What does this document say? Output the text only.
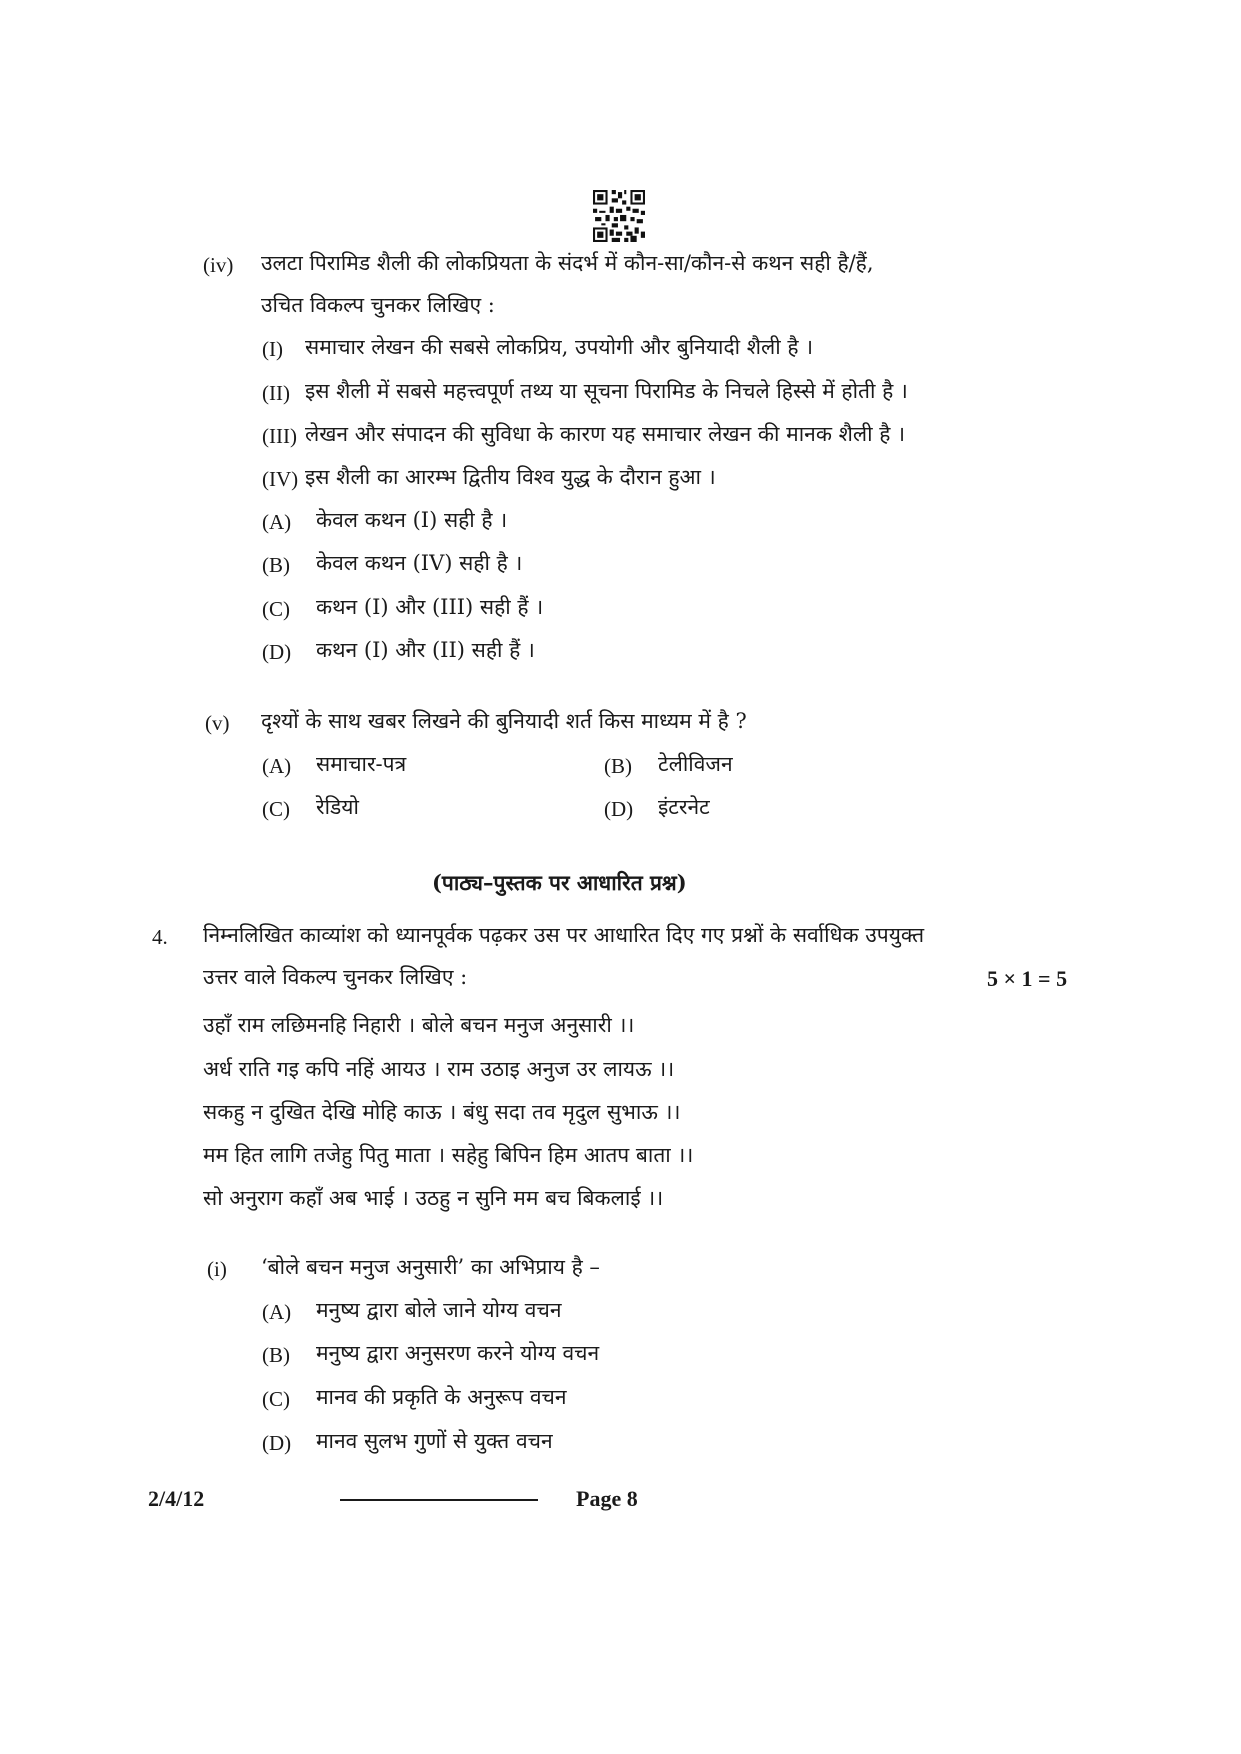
(iv) उलटा पिरामिड शैली की लोकप्रियता के संदर्भ में कौन-सा/कौन-से कथन सही है/हैं,
उचित विकल्प चुनकर लिखिए :
(I) समाचार लेखन की सबसे लोकप्रिय, उपयोगी और बुनियादी शैली है ।
(II) इस शैली में सबसे महत्त्वपूर्ण तथ्य या सूचना पिरामिड के निचले हिस्से में होती है ।
(III) लेखन और संपादन की सुविधा के कारण यह समाचार लेखन की मानक शैली है ।
(IV) इस शैली का आरम्भ द्वितीय विश्व युद्ध के दौरान हुआ ।
(A) केवल कथन (I) सही है ।
(B) केवल कथन (IV) सही है ।
(C) कथन (I) और (III) सही हैं ।
(D) कथन (I) और (II) सही हैं ।
(v) दृश्यों के साथ खबर लिखने की बुनियादी शर्त किस माध्यम में है ?
(A) समाचार-पत्र	(B) टेलीविजन
(C) रेडियो	(D) इंटरनेट
(पाठ्य–पुस्तक पर आधारित प्रश्न)
4. निम्नलिखित काव्यांश को ध्यानपूर्वक पढ़कर उस पर आधारित दिए गए प्रश्नों के सर्वाधिक उपयुक्त
उत्तर वाले विकल्प चुनकर लिखिए :	5 × 1 = 5
उहाँ राम लछिमनहि निहारी । बोले बचन मनुज अनुसारी ।।
अर्ध राति गइ कपि नहिं आयउ । राम उठाइ अनुज उर लायऊ ।।
सकहु न दुखित देखि मोहि काऊ । बंधु सदा तव मृदुल सुभाऊ ।।
मम हित लागि तजेहु पितु माता । सहेहु बिपिन हिम आतप बाता ।।
सो अनुराग कहाँ अब भाई । उठहु न सुनि मम बच बिकलाई ।।
(i) ‘बोले बचन मनुज अनुसारी’ का अभिप्राय है –
(A) मनुष्य द्वारा बोले जाने योग्य वचन
(B) मनुष्य द्वारा अनुसरण करने योग्य वचन
(C) मानव की प्रकृति के अनुरूप वचन
(D) मानव सुलभ गुणों से युक्त वचन
2/4/12	Page 8
